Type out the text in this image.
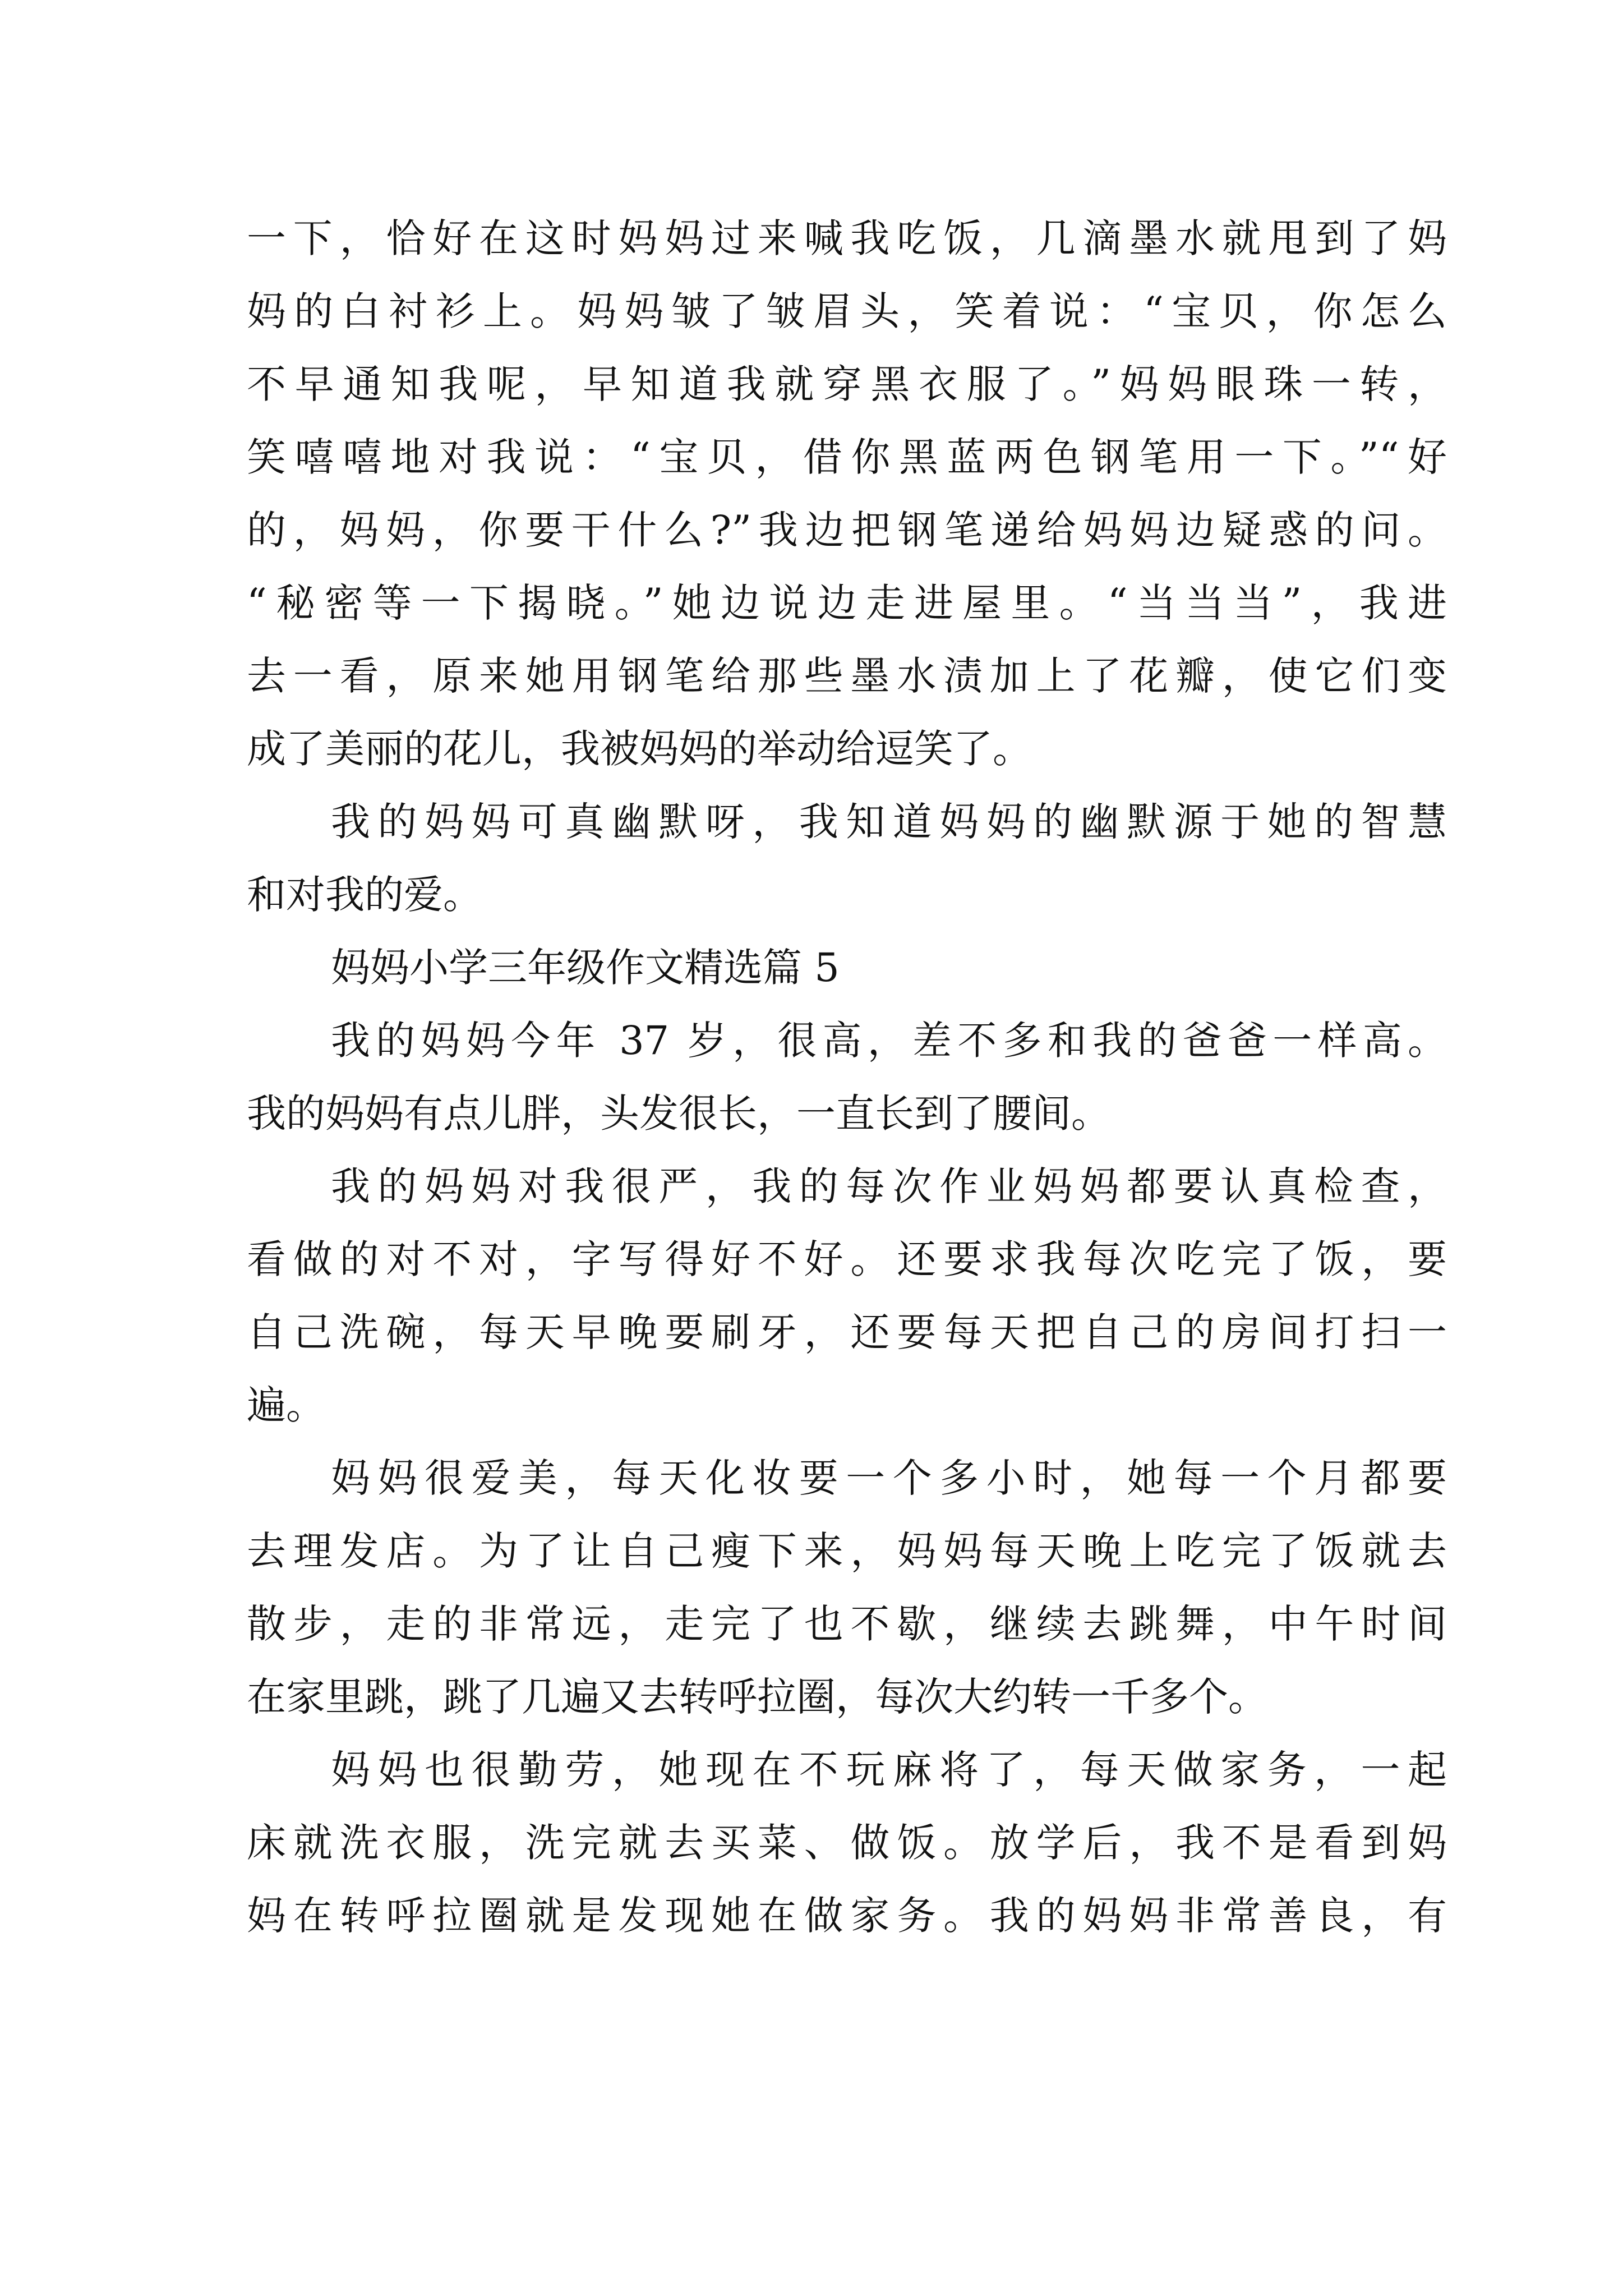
一下，恰好在这时妈妈过来喊我吃饭，几滴墨水就甩到了妈
妈的白衬衫上。妈妈皱了皱眉头，笑着说：“宝贝，你怎么
不早通知我呢，早知道我就穿黑衣服了。”妈妈眼珠一转，
笑嘻嘻地对我说：“宝贝，借你黑蓝两色钢笔用一下。”“好
的，妈妈，你要干什么?”我边把钢笔递给妈妈边疑惑的问。
“秘密等一下揭晓。”她边说边走进屋里。“当当当”，我进
去一看，原来她用钢笔给那些墨水渍加上了花瓣，使它们变
成了美丽的花儿，我被妈妈的举动给逗笑了。
我的妈妈可真幽默呀，我知道妈妈的幽默源于她的智慧
和对我的爱。
妈妈小学三年级作文精选篇 5
我的妈妈今年 37 岁，很高，差不多和我的爸爸一样高。
我的妈妈有点儿胖，头发很长，一直长到了腰间。
我的妈妈对我很严，我的每次作业妈妈都要认真检查，
看做的对不对，字写得好不好。还要求我每次吃完了饭，要
自己洗碗，每天早晚要刷牙，还要每天把自己的房间打扫一
遍。
妈妈很爱美，每天化妆要一个多小时，她每一个月都要
去理发店。为了让自己瘦下来，妈妈每天晚上吃完了饭就去
散步，走的非常远，走完了也不歇，继续去跳舞，中午时间
在家里跳，跳了几遍又去转呼拉圈，每次大约转一千多个。
妈妈也很勤劳，她现在不玩麻将了，每天做家务，一起
床就洗衣服，洗完就去买菜、做饭。放学后，我不是看到妈
妈在转呼拉圈就是发现她在做家务。我的妈妈非常善良，有
